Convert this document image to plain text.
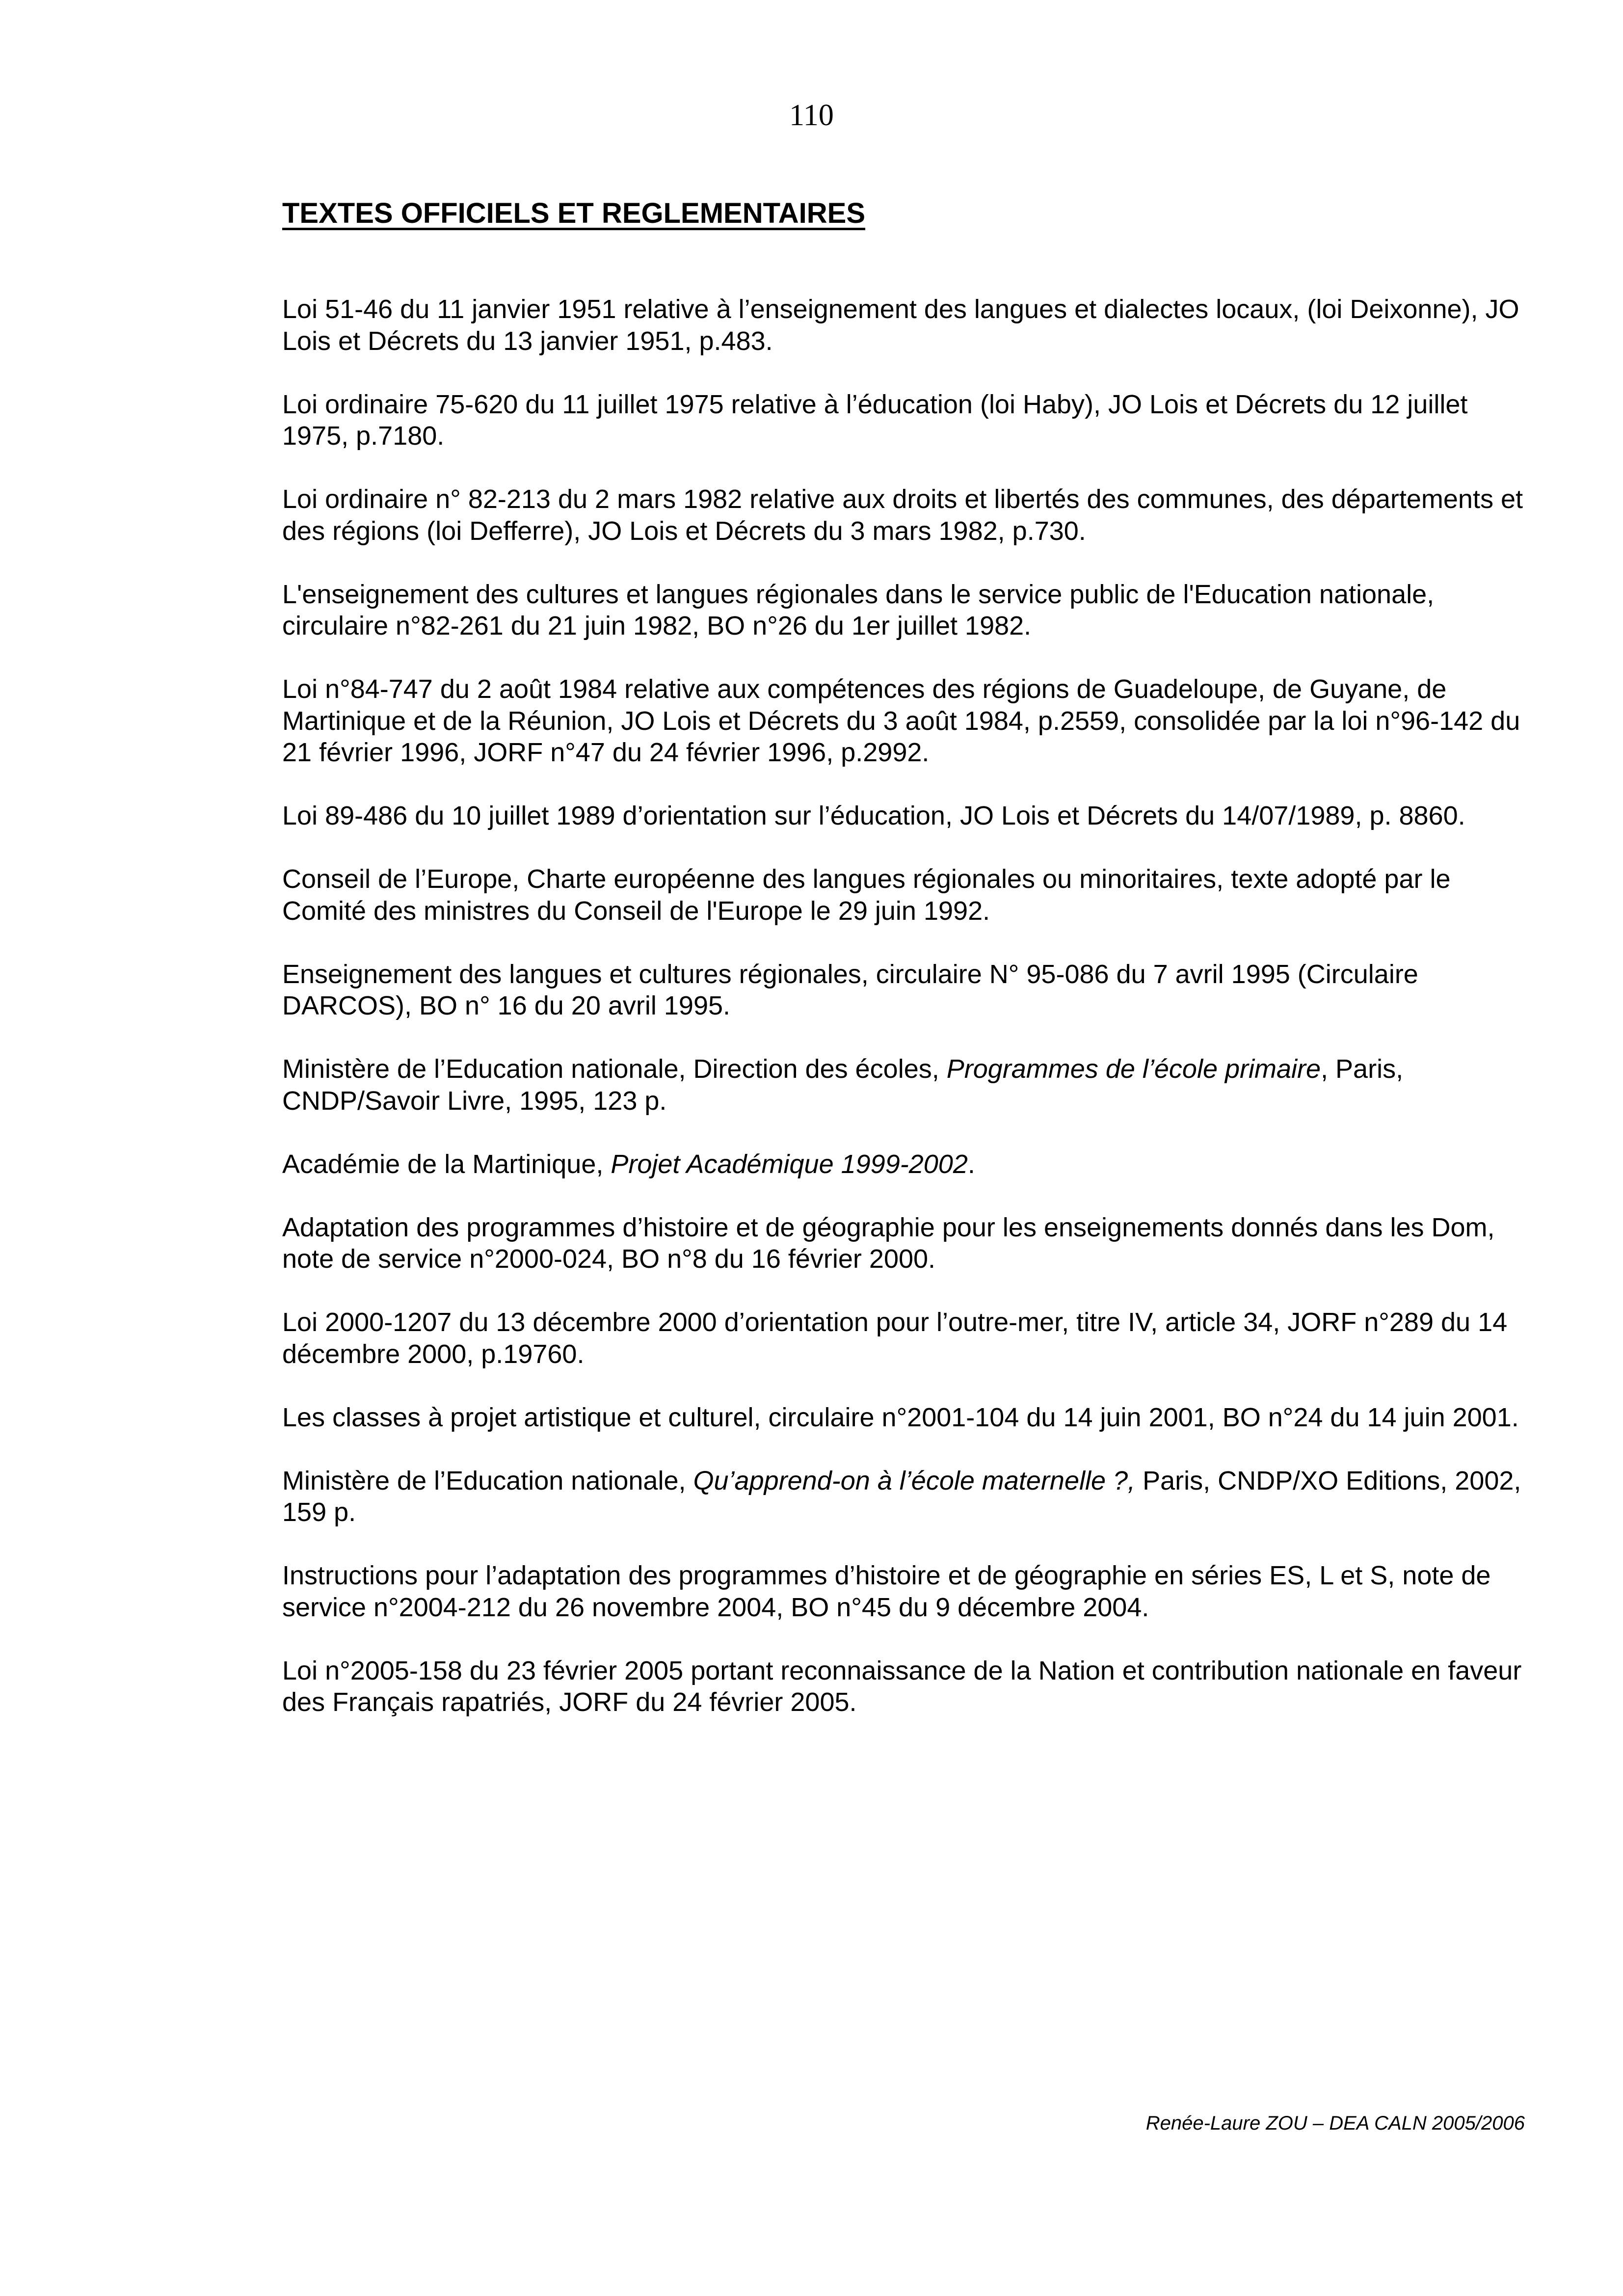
110
TEXTES OFFICIELS ET REGLEMENTAIRES

Loi 51-46 du 11 janvier 1951 relative à l’enseignement des langues et dialectes locaux, (loi Deixonne), JO Lois et Décrets du 13 janvier 1951, p.483.

Loi ordinaire 75-620 du 11 juillet 1975 relative à l’éducation (loi Haby), JO Lois et Décrets du 12 juillet 1975, p.7180.

Loi ordinaire n° 82-213 du 2 mars 1982 relative aux droits et libertés des communes, des départements et des régions (loi Defferre), JO Lois et Décrets du 3 mars 1982, p.730.

L'enseignement des cultures et langues régionales dans le service public de l'Education nationale, circulaire n°82-261 du 21 juin 1982, BO n°26 du 1er juillet 1982.

Loi n°84-747 du 2 août 1984 relative aux compétences des régions de Guadeloupe, de Guyane, de Martinique et de la Réunion, JO Lois et Décrets du 3 août 1984, p.2559, consolidée par la loi n°96-142 du 21 février 1996, JORF n°47 du 24 février 1996, p.2992.

Loi 89-486 du 10 juillet 1989 d’orientation sur l’éducation, JO Lois et Décrets du 14/07/1989, p. 8860.

Conseil de l’Europe, Charte européenne des langues régionales ou minoritaires, texte adopté par le Comité des ministres du Conseil de l'Europe le 29 juin 1992.

Enseignement des langues et cultures régionales, circulaire N° 95-086 du 7 avril 1995 (Circulaire DARCOS), BO n° 16 du 20 avril 1995.

Ministère de l’Education nationale, Direction des écoles, Programmes de l’école primaire, Paris, CNDP/Savoir Livre, 1995, 123 p.

Académie de la Martinique, Projet Académique 1999-2002.

Adaptation des programmes d’histoire et de géographie pour les enseignements donnés dans les Dom, note de service n°2000-024, BO n°8 du 16 février 2000.

Loi 2000-1207 du 13 décembre 2000 d’orientation pour l’outre-mer, titre IV, article 34, JORF n°289 du 14 décembre 2000, p.19760.

Les classes à projet artistique et culturel, circulaire n°2001-104 du 14 juin 2001, BO n°24 du 14 juin 2001.

Ministère de l’Education nationale, Qu’apprend-on à l’école maternelle ?, Paris, CNDP/XO Editions, 2002, 159 p.

Instructions pour l’adaptation des programmes d’histoire et de géographie en séries ES, L et S, note de service n°2004-212 du 26 novembre 2004, BO n°45 du 9 décembre 2004.

Loi n°2005-158 du 23 février 2005 portant reconnaissance de la Nation et contribution nationale en faveur des Français rapatriés, JORF du 24 février 2005.

Renée-Laure ZOU – DEA CALN 2005/2006
